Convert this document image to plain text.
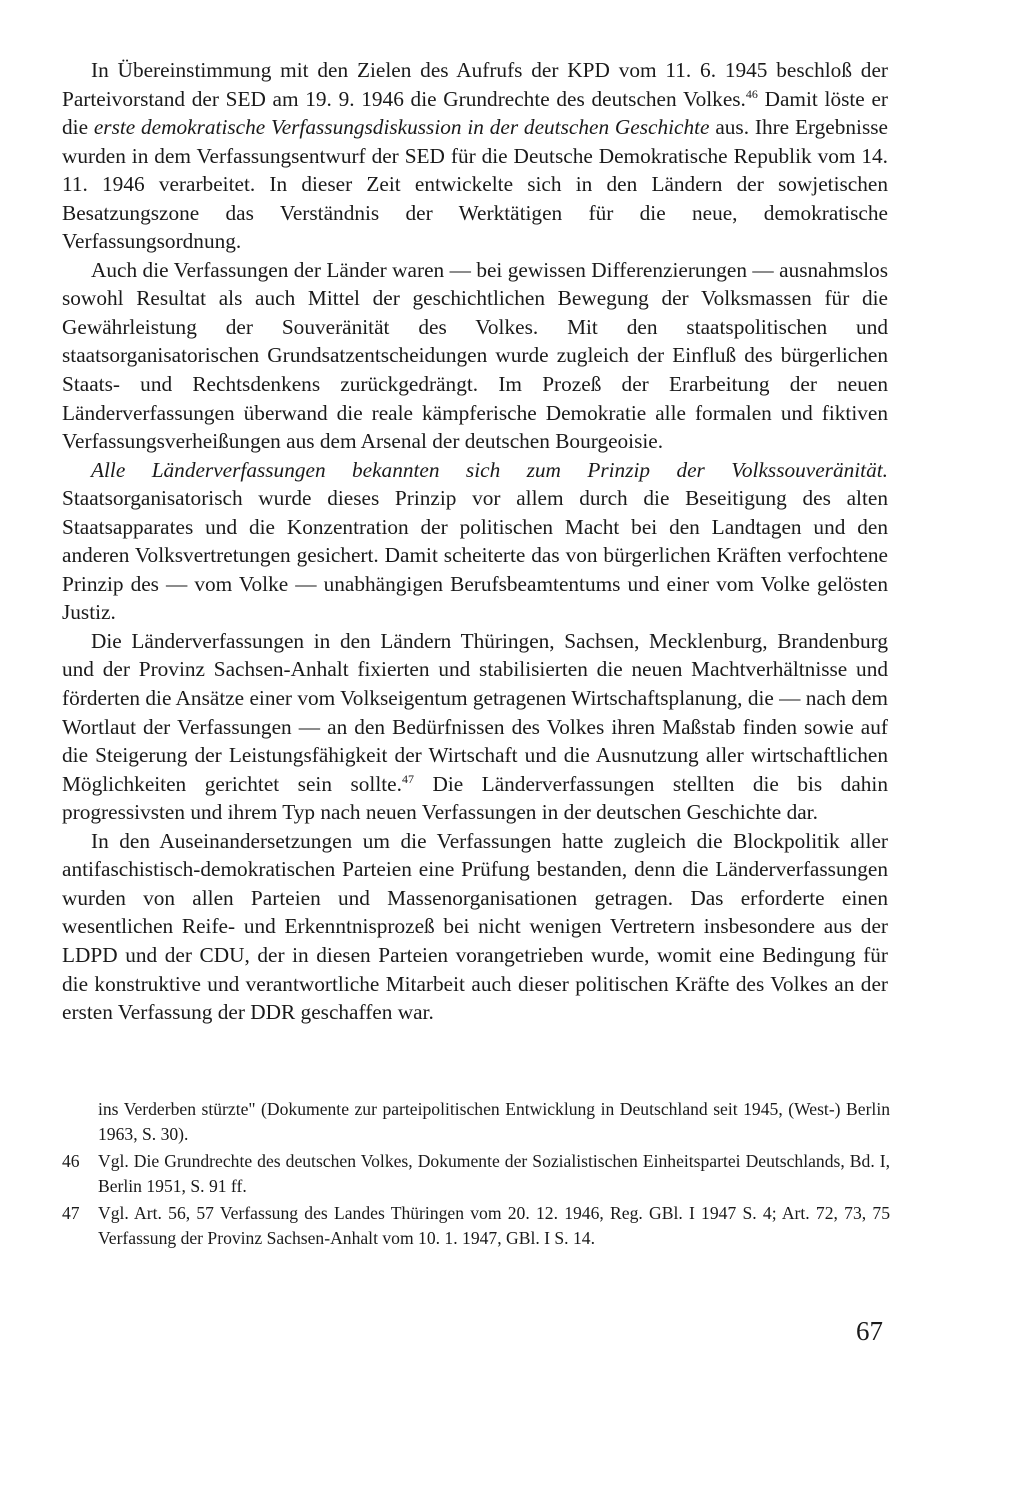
In Übereinstimmung mit den Zielen des Aufrufs der KPD vom 11. 6. 1945 beschloß der Parteivorstand der SED am 19. 9. 1946 die Grundrechte des deutschen Volkes.$^{46}$ Damit löste er die erste demokratische Verfassungsdiskussion in der deutschen Geschichte aus. Ihre Ergebnisse wurden in dem Verfassungsentwurf der SED für die Deutsche Demokratische Republik vom 14. 11. 1946 verarbeitet. In dieser Zeit entwickelte sich in den Ländern der sowjetischen Besatzungszone das Verständnis der Werktätigen für die neue, demokratische Verfassungsordnung.

Auch die Verfassungen der Länder waren — bei gewissen Differenzierungen — ausnahmslos sowohl Resultat als auch Mittel der geschichtlichen Bewegung der Volksmassen für die Gewährleistung der Souveränität des Volkes. Mit den staatspolitischen und staatsorganisatorischen Grundsatzentscheidungen wurde zugleich der Einfluß des bürgerlichen Staats- und Rechtsdenkens zurückgedrängt. Im Prozeß der Erarbeitung der neuen Länderverfassungen überwand die reale kämpferische Demokratie alle formalen und fiktiven Verfassungsverheißungen aus dem Arsenal der deutschen Bourgeoisie.

Alle Länderverfassungen bekannten sich zum Prinzip der Volkssouveränität. Staatsorganisatorisch wurde dieses Prinzip vor allem durch die Beseitigung des alten Staatsapparates und die Konzentration der politischen Macht bei den Landtagen und den anderen Volksvertretungen gesichert. Damit scheiterte das von bürgerlichen Kräften verfochtene Prinzip des — vom Volke — unabhängigen Berufsbeamtentums und einer vom Volke gelösten Justiz.

Die Länderverfassungen in den Ländern Thüringen, Sachsen, Mecklenburg, Brandenburg und der Provinz Sachsen-Anhalt fixierten und stabilisierten die neuen Machtverhältnisse und förderten die Ansätze einer vom Volkseigentum getragenen Wirtschaftsplanung, die — nach dem Wortlaut der Verfassungen — an den Bedürfnissen des Volkes ihren Maßstab finden sowie auf die Steigerung der Leistungsfähigkeit der Wirtschaft und die Ausnutzung aller wirtschaftlichen Möglichkeiten gerichtet sein sollte.$^{47}$ Die Länderverfassungen stellten die bis dahin progressivsten und ihrem Typ nach neuen Verfassungen in der deutschen Geschichte dar.

In den Auseinandersetzungen um die Verfassungen hatte zugleich die Blockpolitik aller antifaschistisch-demokratischen Parteien eine Prüfung bestanden, denn die Länderverfassungen wurden von allen Parteien und Massenorganisationen getragen. Das erforderte einen wesentlichen Reife- und Erkenntnisprozeß bei nicht wenigen Vertretern insbesondere aus der LDPD und der CDU, der in diesen Parteien vorangetrieben wurde, womit eine Bedingung für die konstruktive und verantwortliche Mitarbeit auch dieser politischen Kräfte des Volkes an der ersten Verfassung der DDR geschaffen war.

ins Verderben stürzte" (Dokumente zur parteipolitischen Entwicklung in Deutschland seit 1945, (West-) Berlin 1963, S. 30).
46	Vgl. Die Grundrechte des deutschen Volkes, Dokumente der Sozialistischen Einheitspartei Deutschlands, Bd. I, Berlin 1951, S. 91 ff.
47	Vgl. Art. 56, 57 Verfassung des Landes Thüringen vom 20. 12. 1946, Reg. GBl. I 1947 S. 4; Art. 72, 73, 75 Verfassung der Provinz Sachsen-Anhalt vom 10. 1. 1947, GBl. I S. 14.
67
